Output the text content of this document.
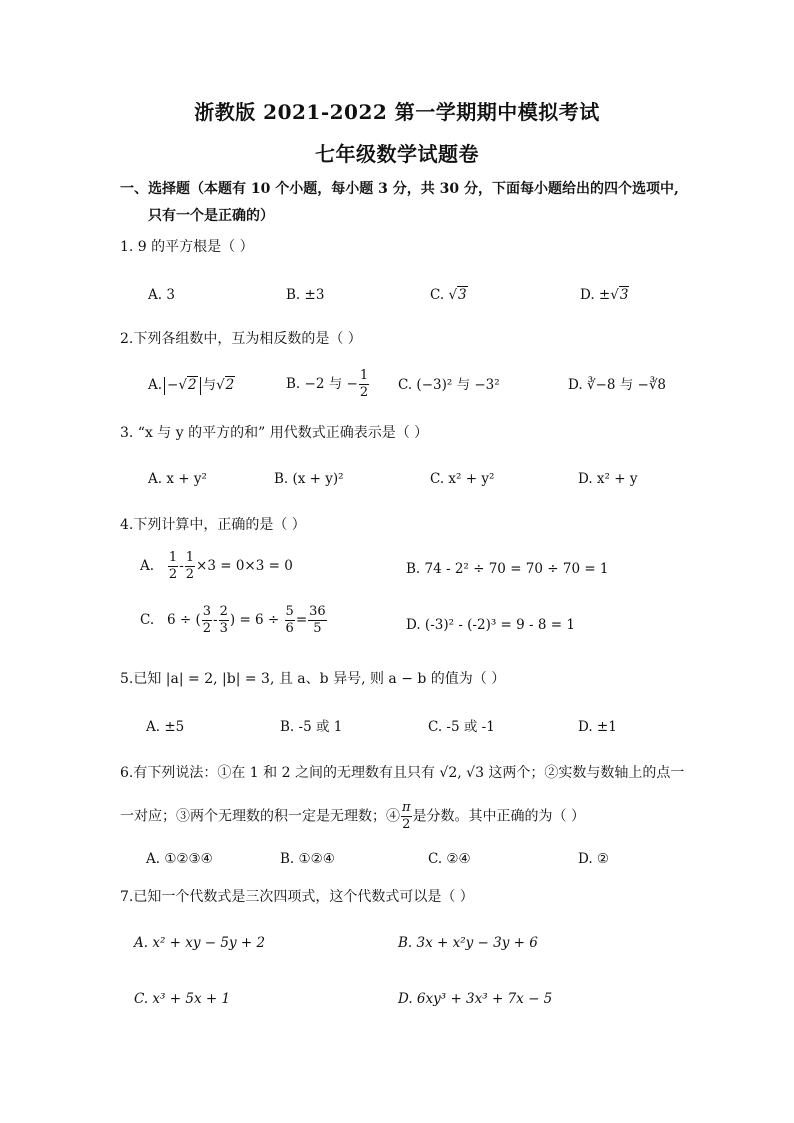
浙教版 2021-2022 第一学期期中模拟考试
七年级数学试题卷
一、选择题（本题有 10 个小题，每小题 3 分，共 30 分，下面每小题给出的四个选项中,
只有一个是正确的）
1. 9 的平方根是（ ）
A. 3	B. ±3	C. √3	D. ±√3
2.下列各组数中，互为相反数的是（ ）
A. −√2 与√2	B. −2 与 − $\frac{1}{2} C$. (−3)² 与 −3²	D. ∛−8 与 −∛8
3. “x 与 y 的平方的和” 用代数式正确表示是（ ）
A. x + y²	B. (x + y)²	C. x² + y²	D. x² + y
4.下列计算中，正确的是（ ）
A. $\frac{1}{2} - \frac{1}{2} \times 3 = 0\times 3 = 0$	B. 74 - 2² ÷ 70 = 70 ÷ 70 = 1
C. 6 ÷ ( $\frac{3}{2} - \frac{2}{3}$ ) = $6 \div \frac{5}{6} = \frac{36}{5}$	D. (-3)² - (-2)³ = 9 - 8 = 1
5.已知 |a| = 2, |b| = 3, 且 a、b 异号, 则 a − b 的值为（ ）
A. ±5	B. -5 或 1	C. -5 或 -1	D. ±1
6.有下列说法：①在 1 和 2 之间的无理数有且只有 √2, √3 这两个；②实数与数轴上的点一
一对应；③两个无理数的积一定是无理数；④ $\frac{\pi}{2}$ 是分数。其中正确的为（ ）
A. ①②③④	B. ①②④	C. ②④	D. ②
7.已知一个代数式是三次四项式，这个代数式可以是（ ）
A. x² + xy − 5y + 2	B. 3x + x²y − 3y + 6
C. x³ + 5x + 1	D. 6xy³ + 3x³ + 7x − 5
